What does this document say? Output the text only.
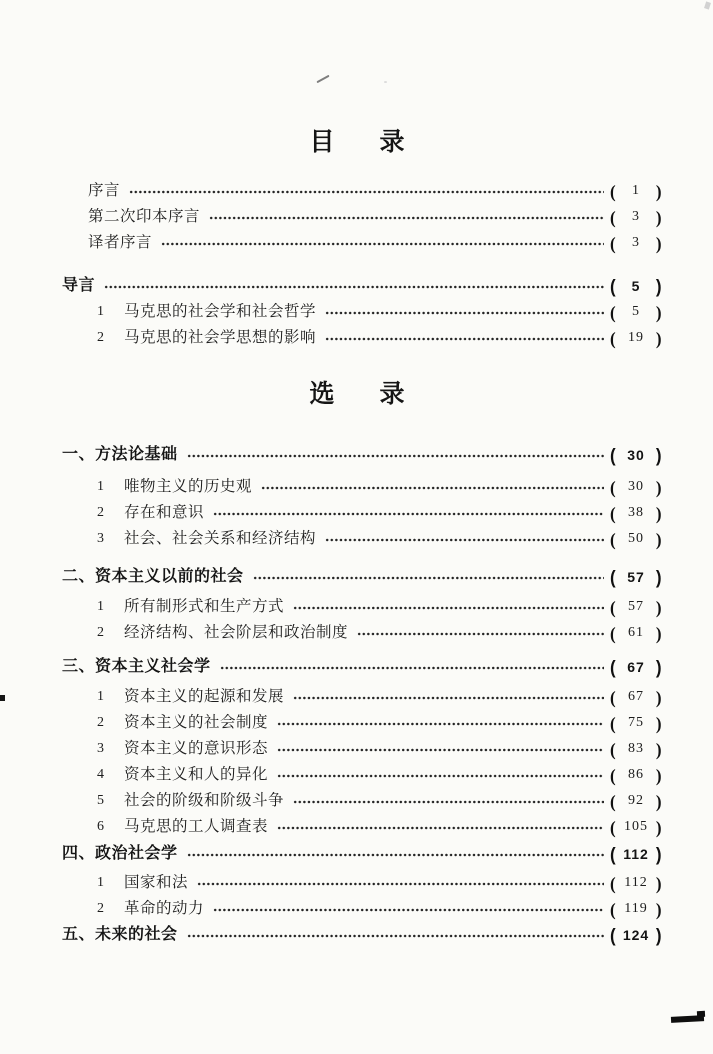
目　录
序言	(	1 )
第二次印本序言	(	3 )
译者序言	(	3 )
导言	(	5 )
1	马克思的社会学和社会哲学	(	5 )
2	马克思的社会学思想的影响	( 19 )
选　录
一、方法论基础	( 30 )
1	唯物主义的历史观	( 30 )
2	存在和意识	( 38 )
3	社会、社会关系和经济结构	( 50 )
二、资本主义以前的社会	( 57 )
1	所有制形式和生产方式	( 57 )
2	经济结构、社会阶层和政治制度	( 61 )
三、资本主义社会学	( 67 )
1	资本主义的起源和发展	( 67 )
2	资本主义的社会制度	( 75 )
3	资本主义的意识形态	( 83 )
4	资本主义和人的异化	( 86 )
5	社会的阶级和阶级斗争	( 92 )
6	马克思的工人调查表	( 105 )
四、政治社会学	( 112 )
1	国家和法	( 112 )
2	革命的动力	( 119 )
五、未来的社会	( 124 )
